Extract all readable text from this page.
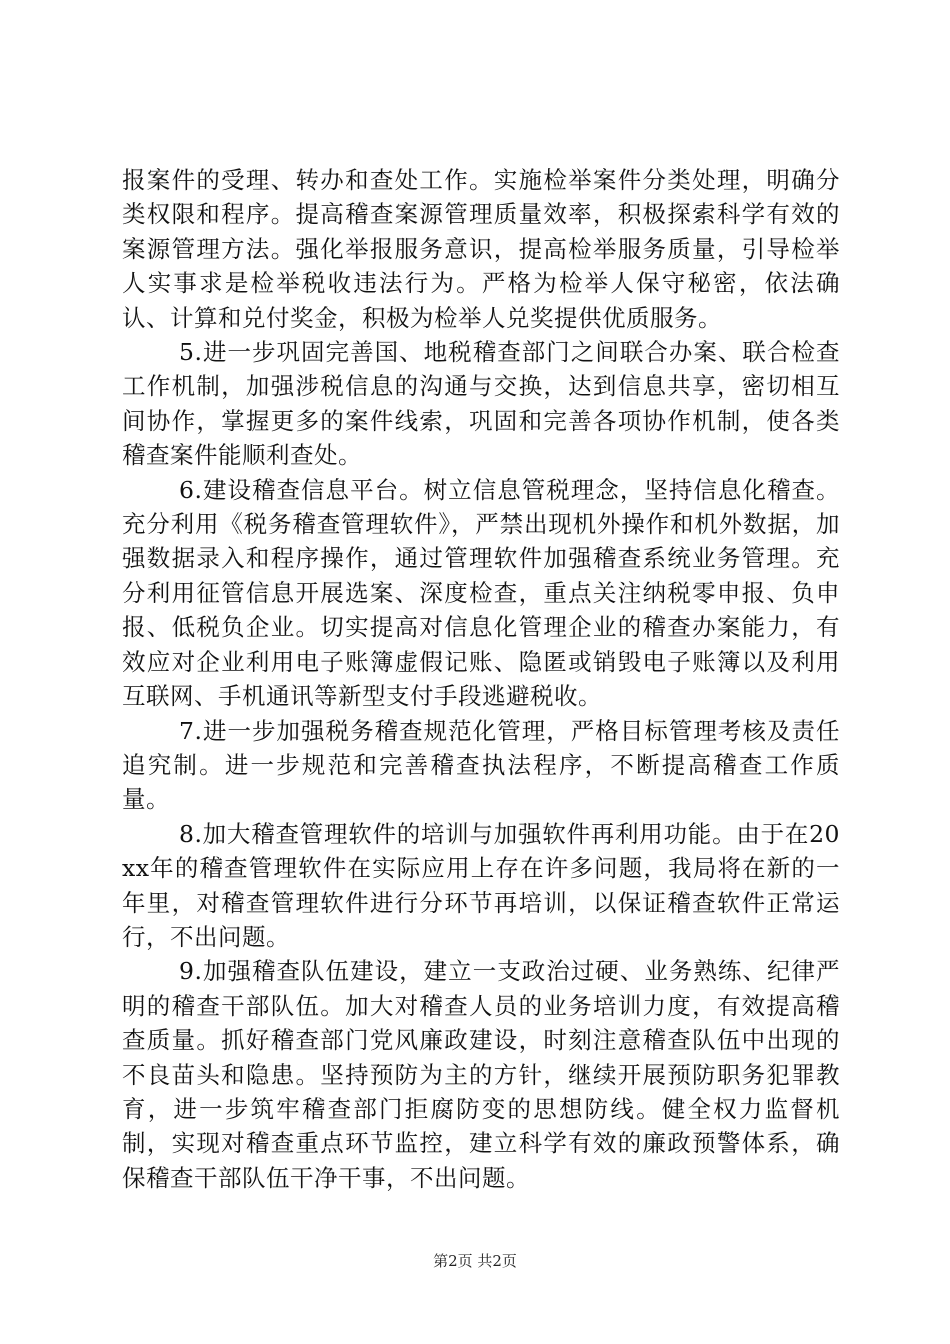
报案件的受理、转办和查处工作。实施检举案件分类处理，明确分类权限和程序。提高稽查案源管理质量效率，积极探索科学有效的案源管理方法。强化举报服务意识，提高检举服务质量，引导检举人实事求是检举税收违法行为。严格为检举人保守秘密，依法确认、计算和兑付奖金，积极为检举人兑奖提供优质服务。

5.进一步巩固完善国、地税稽查部门之间联合办案、联合检查工作机制，加强涉税信息的沟通与交换，达到信息共享，密切相互间协作，掌握更多的案件线索，巩固和完善各项协作机制，使各类稽查案件能顺利查处。

6.建设稽查信息平台。树立信息管税理念，坚持信息化稽查。充分利用《税务稽查管理软件》，严禁出现机外操作和机外数据，加强数据录入和程序操作，通过管理软件加强稽查系统业务管理。充分利用征管信息开展选案、深度检查，重点关注纳税零申报、负申报、低税负企业。切实提高对信息化管理企业的稽查办案能力，有效应对企业利用电子账簿虚假记账、隐匿或销毁电子账簿以及利用互联网、手机通讯等新型支付手段逃避税收。

7.进一步加强税务稽查规范化管理，严格目标管理考核及责任追究制。进一步规范和完善稽查执法程序，不断提高稽查工作质量。

8.加大稽查管理软件的培训与加强软件再利用功能。由于在20xx年的稽查管理软件在实际应用上存在许多问题，我局将在新的一年里，对稽查管理软件进行分环节再培训，以保证稽查软件正常运行，不出问题。

9.加强稽查队伍建设，建立一支政治过硬、业务熟练、纪律严明的稽查干部队伍。加大对稽查人员的业务培训力度，有效提高稽查质量。抓好稽查部门党风廉政建设，时刻注意稽查队伍中出现的不良苗头和隐患。坚持预防为主的方针，继续开展预防职务犯罪教育，进一步筑牢稽查部门拒腐防变的思想防线。健全权力监督机制，实现对稽查重点环节监控，建立科学有效的廉政预警体系，确保稽查干部队伍干净干事，不出问题。

第2页 共2页
